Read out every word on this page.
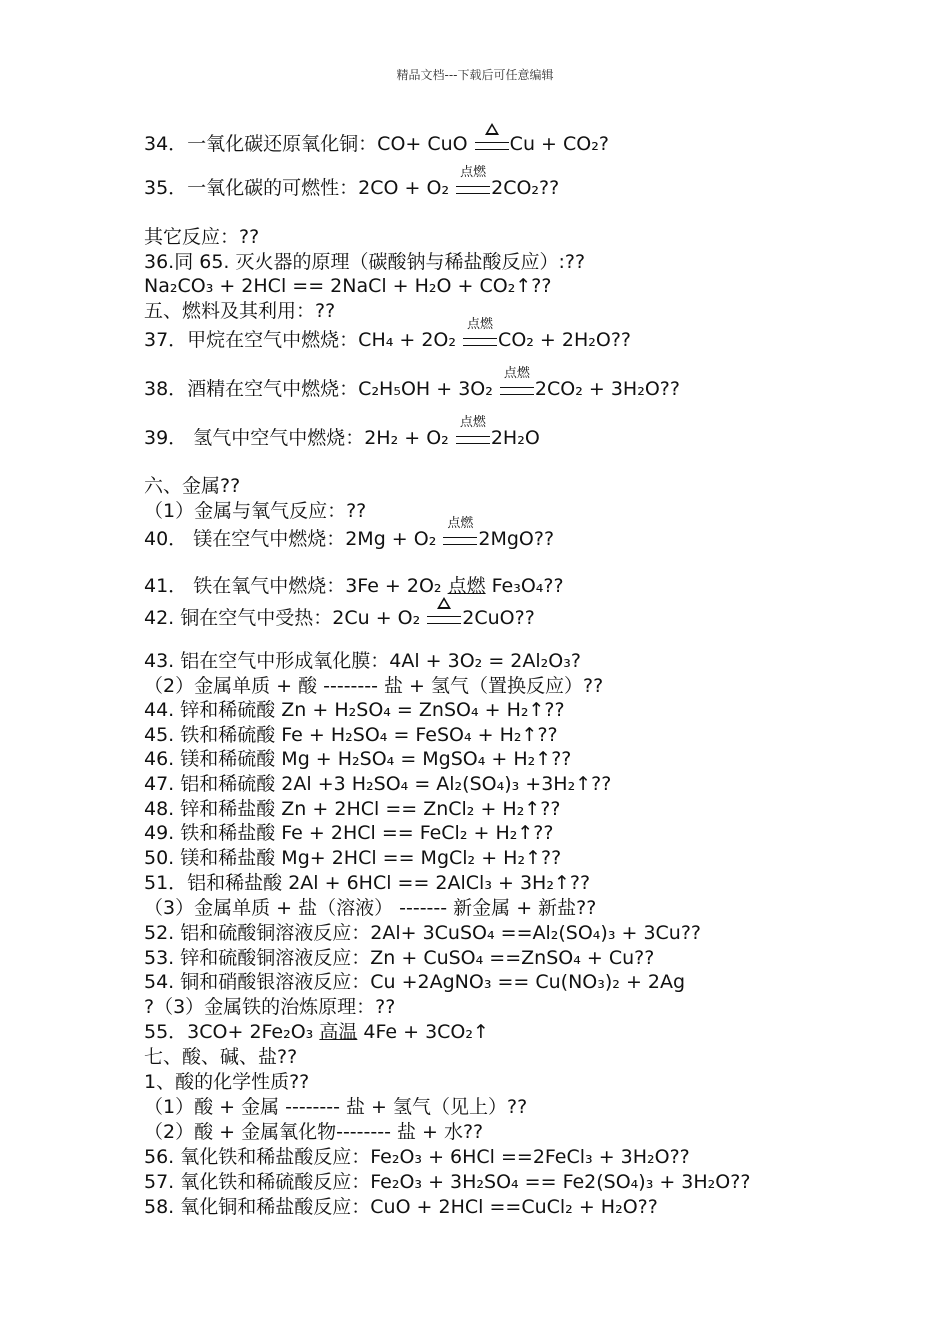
精品文档---下载后可任意编辑
34．一氧化碳还原氧化铜：CO+ CuO
Cu + CO₂?
35．一氧化碳的可燃性：2CO + O₂
点燃
2CO₂??
其它反应：??
36.同 65. 灭火器的原理（碳酸钠与稀盐酸反应）:??
Na₂CO₃ + 2HCl == 2NaCl + H₂O + CO₂↑??
五、燃料及其利用：??
37．甲烷在空气中燃烧：CH₄ + 2O₂
点燃
CO₂ + 2H₂O??
38．酒精在空气中燃烧：C₂H₅OH + 3O₂
点燃
2CO₂ + 3H₂O??
39． 氢气中空气中燃烧：2H₂ + O₂
点燃
2H₂O
六、金属??
（1）金属与氧气反应：??
40． 镁在空气中燃烧：2Mg + O₂
点燃
2MgO??
41． 铁在氧气中燃烧：3Fe + 2O₂ 点燃 Fe₃O₄??
42. 铜在空气中受热：2Cu + O₂
2CuO??
43. 铝在空气中形成氧化膜：4Al + 3O₂ = 2Al₂O₃?
（2）金属单质 + 酸 -------- 盐 + 氢气（置换反应）??
44. 锌和稀硫酸 Zn + H₂SO₄ = ZnSO₄ + H₂↑??
45. 铁和稀硫酸 Fe + H₂SO₄ = FeSO₄ + H₂↑??
46. 镁和稀硫酸 Mg + H₂SO₄ = MgSO₄ + H₂↑??
47. 铝和稀硫酸 2Al +3 H₂SO₄ = Al₂(SO₄)₃ +3H₂↑??
48. 锌和稀盐酸 Zn + 2HCl == ZnCl₂ + H₂↑??
49. 铁和稀盐酸 Fe + 2HCl == FeCl₂ + H₂↑??
50. 镁和稀盐酸 Mg+ 2HCl == MgCl₂ + H₂↑??
51．铝和稀盐酸 2Al + 6HCl == 2AlCl₃ + 3H₂↑??
（3）金属单质 + 盐（溶液） ------- 新金属 + 新盐??
52. 铝和硫酸铜溶液反应：2Al+ 3CuSO₄ ==Al₂(SO₄)₃ + 3Cu??
53. 锌和硫酸铜溶液反应：Zn + CuSO₄ ==ZnSO₄ + Cu??
54. 铜和硝酸银溶液反应：Cu +2AgNO₃ == Cu(NO₃)₂ + 2Ag
?（3）金属铁的治炼原理：??
55．3CO+ 2Fe₂O₃ 高温 4Fe + 3CO₂↑
七、酸、碱、盐??
1、酸的化学性质??
（1）酸 + 金属 -------- 盐 + 氢气（见上）??
（2）酸 + 金属氧化物-------- 盐 + 水??
56. 氧化铁和稀盐酸反应：Fe₂O₃ + 6HCl ==2FeCl₃ + 3H₂O??
57. 氧化铁和稀硫酸反应：Fe₂O₃ + 3H₂SO₄ == Fe2(SO₄)₃ + 3H₂O??
58. 氧化铜和稀盐酸反应：CuO + 2HCl ==CuCl₂ + H₂O??
